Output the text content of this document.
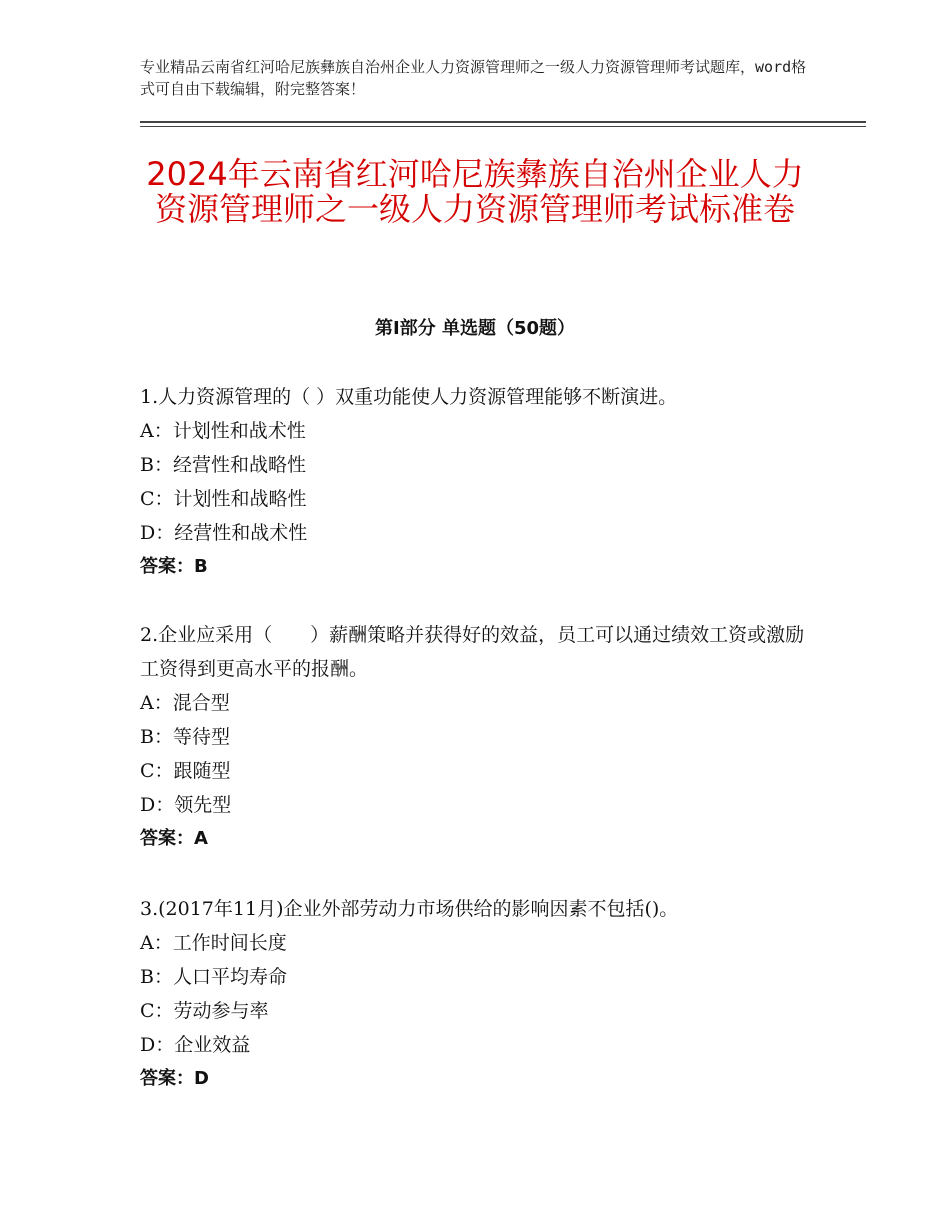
专业精品云南省红河哈尼族彝族自治州企业人力资源管理师之一级人力资源管理师考试题库，word格式可自由下载编辑，附完整答案！
2024年云南省红河哈尼族彝族自治州企业人力资源管理师之一级人力资源管理师考试标准卷
第Ⅰ部分 单选题（50题）
1.人力资源管理的（ ）双重功能使人力资源管理能够不断演进。
A：计划性和战术性
B：经营性和战略性
C：计划性和战略性
D：经营性和战术性
答案：B
2.企业应采用（　　）薪酬策略并获得好的效益，员工可以通过绩效工资或激励工资得到更高水平的报酬。
A：混合型
B：等待型
C：跟随型
D：领先型
答案：A
3.(2017年11月)企业外部劳动力市场供给的影响因素不包括()。
A：工作时间长度
B：人口平均寿命
C：劳动参与率
D：企业效益
答案：D
